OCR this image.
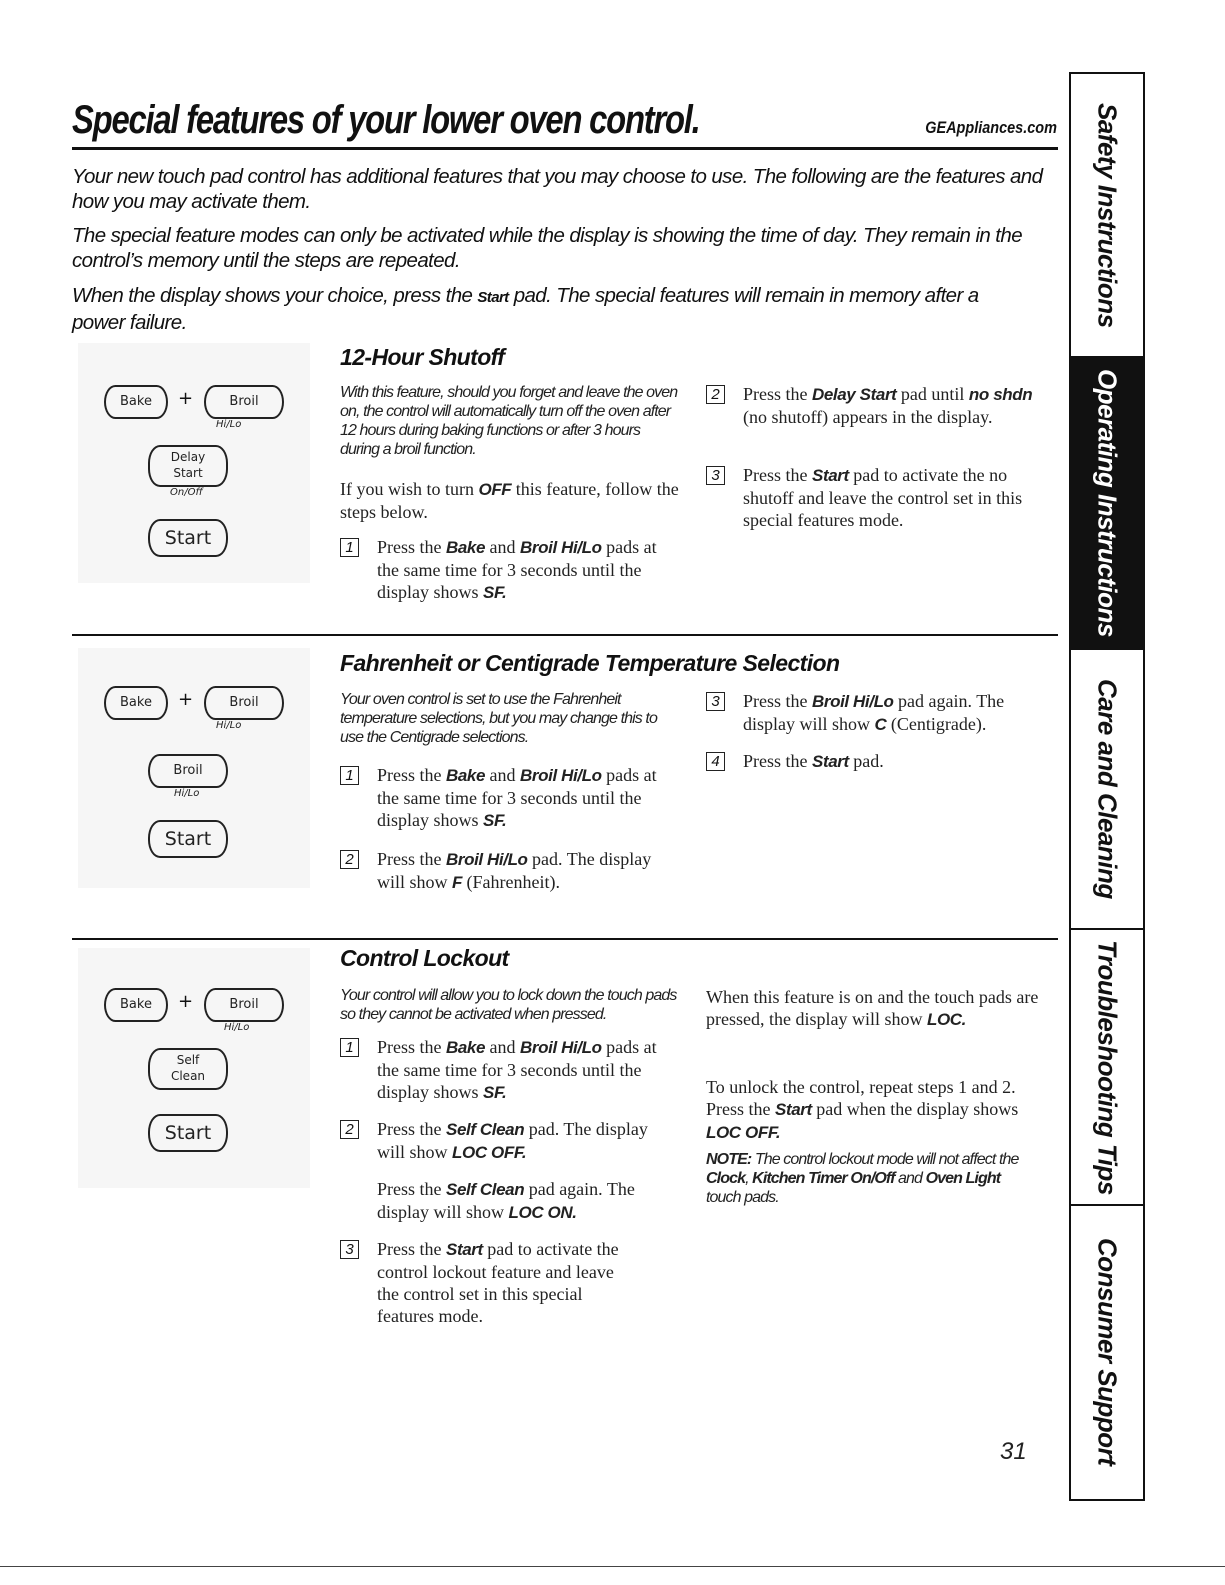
Special features of your lower oven control.	GEAppliances.com
Your new touch pad control has additional features that you may choose to use. The following are the features and how you may activate them.
The special feature modes can only be activated while the display is showing the time of day. They remain in the control’s memory until the steps are repeated.
When the display shows your choice, press the Start pad. The special features will remain in memory after a power failure.
Bake	+	Broil
Hi/Lo
Delay
Start
On/Off
Start
12-Hour Shutoff
With this feature, should you forget and leave the oven on, the control will automatically turn off the oven after 12 hours during baking functions or after 3 hours during a broil function.
If you wish to turn OFF this feature, follow the steps below.
1 Press the Bake and Broil Hi/Lo pads at the same time for 3 seconds until the display shows SF.
2 Press the Delay Start pad until no shdn (no shutoff) appears in the display.
3 Press the Start pad to activate the no shutoff and leave the control set in this special features mode.
Bake	+	Broil
Hi/Lo
Broil
Hi/Lo
Start
Fahrenheit or Centigrade Temperature Selection
Your oven control is set to use the Fahrenheit temperature selections, but you may change this to use the Centigrade selections.
1 Press the Bake and Broil Hi/Lo pads at the same time for 3 seconds until the display shows SF.
2 Press the Broil Hi/Lo pad. The display will show F (Fahrenheit).
3 Press the Broil Hi/Lo pad again. The display will show C (Centigrade).
4 Press the Start pad.
Bake	+	Broil
Hi/Lo
Self
Clean
Start
Control Lockout
Your control will allow you to lock down the touch pads so they cannot be activated when pressed.
1 Press the Bake and Broil Hi/Lo pads at the same time for 3 seconds until the display shows SF.
2 Press the Self Clean pad. The display will show LOC OFF.
Press the Self Clean pad again. The display will show LOC ON.
3 Press the Start pad to activate the control lockout feature and leave the control set in this special features mode.
When this feature is on and the touch pads are pressed, the display will show LOC.
To unlock the control, repeat steps 1 and 2. Press the Start pad when the display shows LOC OFF.
NOTE: The control lockout mode will not affect the Clock, Kitchen Timer On/Off and Oven Light touch pads.
Safety Instructions
Operating Instructions
Care and Cleaning
Troubleshooting Tips
Consumer Support
31
